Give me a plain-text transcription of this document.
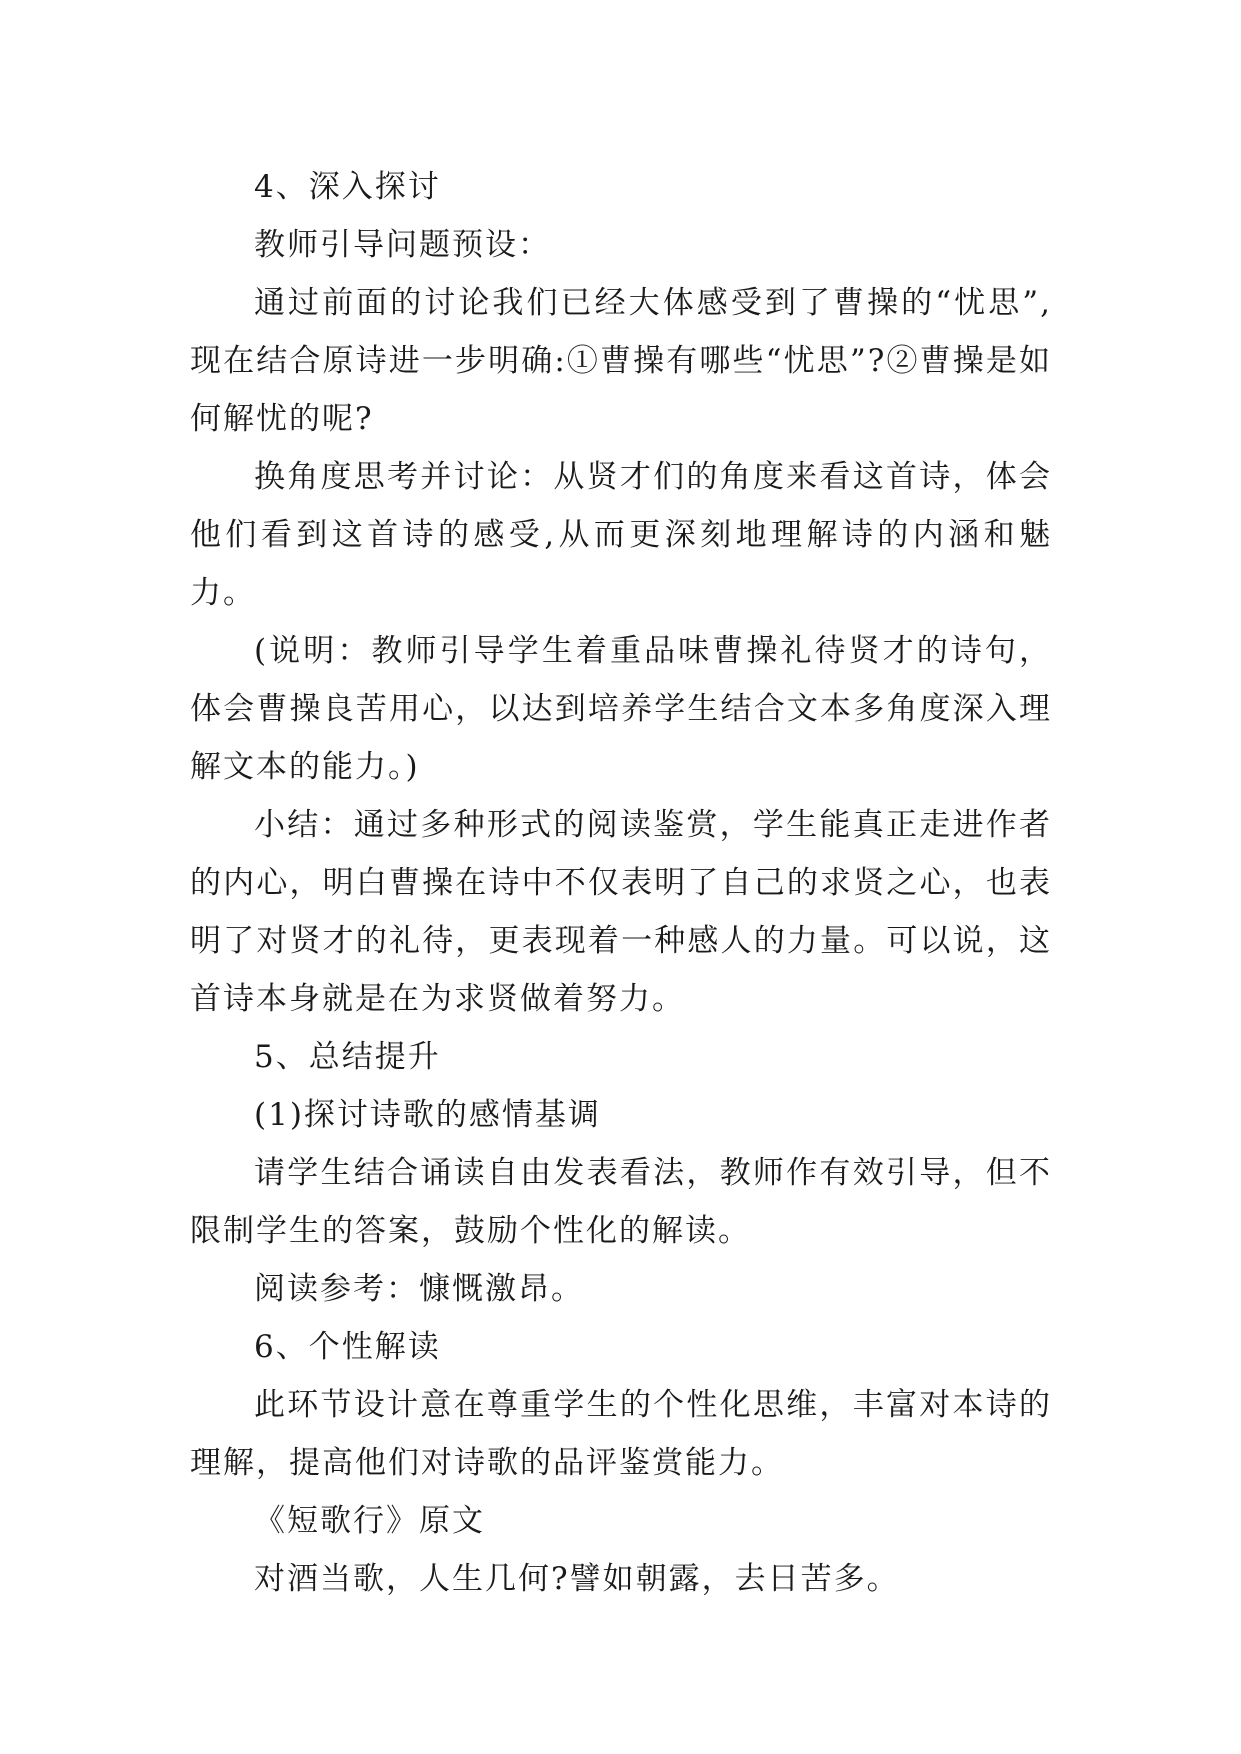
4、深入探讨

教师引导问题预设：

通过前面的讨论我们已经大体感受到了曹操的“忧思”,现在结合原诗进一步明确:①曹操有哪些“忧思”?②曹操是如何解忧的呢?

换角度思考并讨论：从贤才们的角度来看这首诗，体会他们看到这首诗的感受,从而更深刻地理解诗的内涵和魅力。

(说明：教师引导学生着重品味曹操礼待贤才的诗句，体会曹操良苦用心，以达到培养学生结合文本多角度深入理解文本的能力。)

小结：通过多种形式的阅读鉴赏，学生能真正走进作者的内心，明白曹操在诗中不仅表明了自己的求贤之心，也表明了对贤才的礼待，更表现着一种感人的力量。可以说，这首诗本身就是在为求贤做着努力。

5、总结提升

(1)探讨诗歌的感情基调

请学生结合诵读自由发表看法，教师作有效引导，但不限制学生的答案，鼓励个性化的解读。

阅读参考：慷慨激昂。

6、个性解读

此环节设计意在尊重学生的个性化思维，丰富对本诗的理解，提高他们对诗歌的品评鉴赏能力。

《短歌行》原文

对酒当歌，人生几何?譬如朝露，去日苦多。
